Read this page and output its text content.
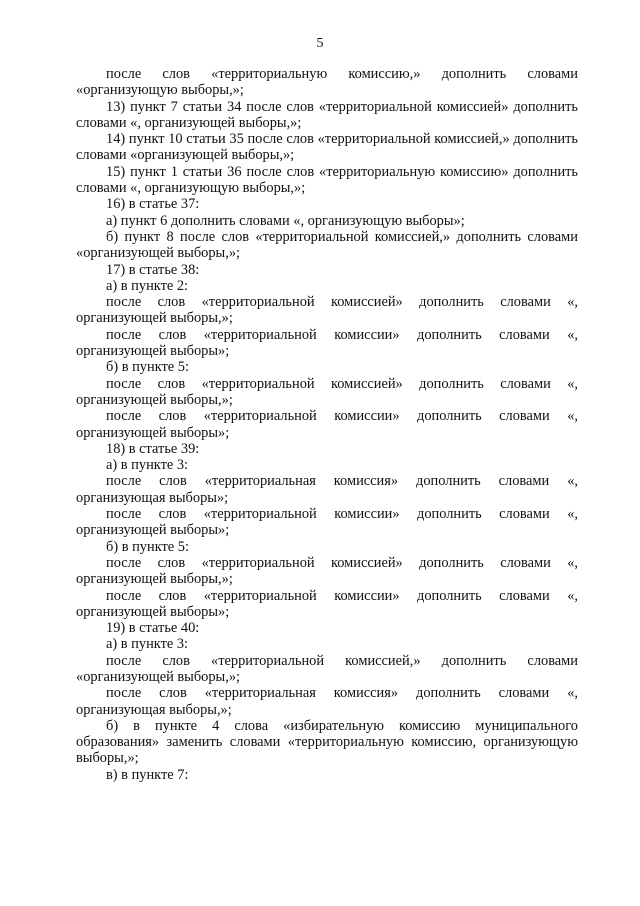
5

после слов «территориальную комиссию,» дополнить словами «организующую выборы,»;

13) пункт 7 статьи 34 после слов «территориальной комиссией» дополнить словами «, организующей выборы,»;

14) пункт 10 статьи 35 после слов «территориальной комиссией,» дополнить словами «организующей выборы,»;

15) пункт 1 статьи 36 после слов «территориальную комиссию» дополнить словами «, организующую выборы,»;

16) в статье 37:

а) пункт 6 дополнить словами «, организующую выборы»;

б) пункт 8 после слов «территориальной комиссией,» дополнить словами «организующей выборы,»;

17) в статье 38:

а) в пункте 2:

после слов «территориальной комиссией» дополнить словами «, организующей выборы,»;

после слов «территориальной комиссии» дополнить словами «, организующей выборы»;

б) в пункте 5:

после слов «территориальной комиссией» дополнить словами «, организующей выборы,»;

после слов «территориальной комиссии» дополнить словами «, организующей выборы»;

18) в статье 39:

а) в пункте 3:

после слов «территориальная комиссия» дополнить словами «, организующая выборы»;

после слов «территориальной комиссии» дополнить словами «, организующей выборы»;

б) в пункте 5:

после слов «территориальной комиссией» дополнить словами «, организующей выборы,»;

после слов «территориальной комиссии» дополнить словами «, организующей выборы»;

19) в статье 40:

а) в пункте 3:

после слов «территориальной комиссией,» дополнить словами «организующей выборы,»;

после слов «территориальная комиссия» дополнить словами «, организующая выборы,»;

б) в пункте 4 слова «избирательную комиссию муниципального образования» заменить словами «территориальную комиссию, организующую выборы,»;

в) в пункте 7:
